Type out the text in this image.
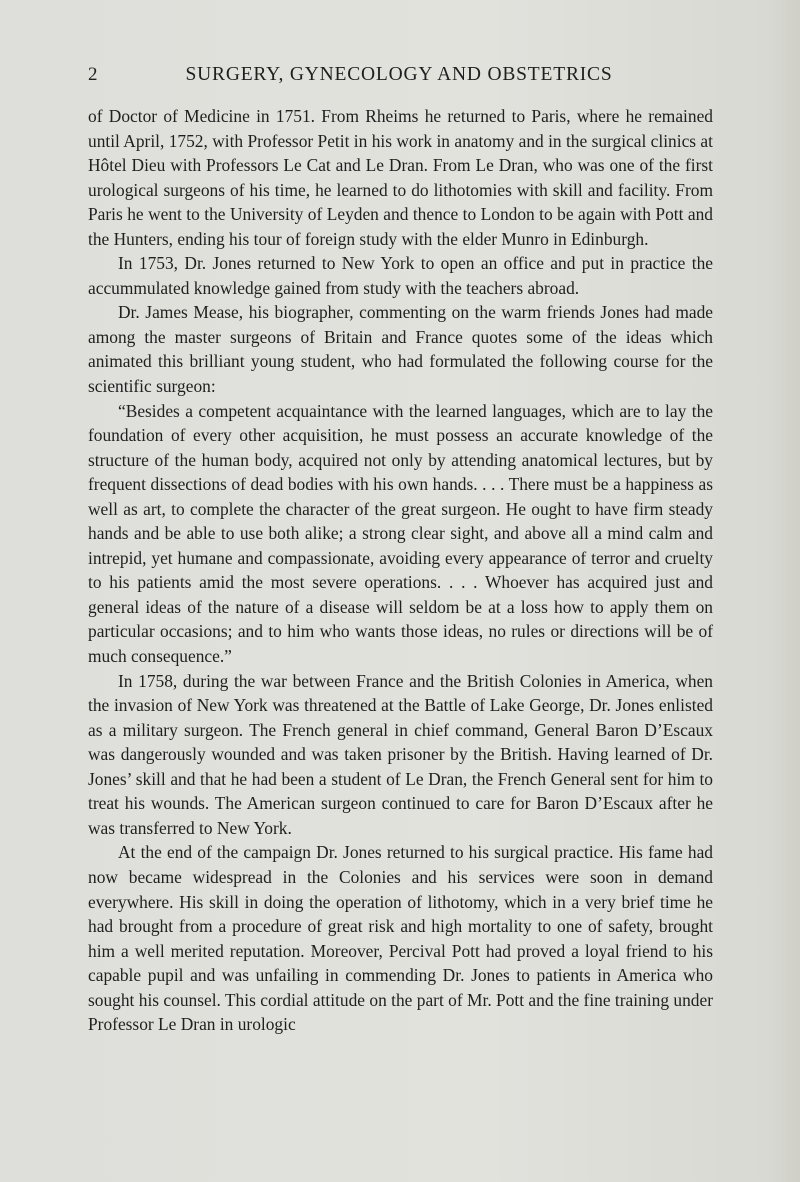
2	SURGERY, GYNECOLOGY AND OBSTETRICS

of Doctor of Medicine in 1751. From Rheims he returned to Paris, where he remained until April, 1752, with Professor Petit in his work in anatomy and in the surgical clinics at Hôtel Dieu with Professors Le Cat and Le Dran. From Le Dran, who was one of the first urological surgeons of his time, he learned to do lithotomies with skill and facility. From Paris he went to the University of Leyden and thence to London to be again with Pott and the Hunters, ending his tour of foreign study with the elder Munro in Edinburgh.

In 1753, Dr. Jones returned to New York to open an office and put in practice the accummulated knowledge gained from study with the teachers abroad.

Dr. James Mease, his biographer, commenting on the warm friends Jones had made among the master surgeons of Britain and France quotes some of the ideas which animated this brilliant young student, who had formulated the following course for the scientific surgeon:

“Besides a competent acquaintance with the learned languages, which are to lay the foundation of every other acquisition, he must possess an accurate knowledge of the structure of the human body, acquired not only by attending anatomical lectures, but by frequent dissections of dead bodies with his own hands. . . . There must be a happiness as well as art, to complete the character of the great surgeon. He ought to have firm steady hands and be able to use both alike; a strong clear sight, and above all a mind calm and intrepid, yet humane and compassionate, avoiding every appearance of terror and cruelty to his patients amid the most severe operations. . . . Whoever has acquired just and general ideas of the nature of a disease will seldom be at a loss how to apply them on particular occasions; and to him who wants those ideas, no rules or directions will be of much consequence.”

In 1758, during the war between France and the British Colonies in America, when the invasion of New York was threatened at the Battle of Lake George, Dr. Jones enlisted as a military surgeon. The French general in chief command, General Baron D’Escaux was dangerously wounded and was taken prisoner by the British. Having learned of Dr. Jones’ skill and that he had been a student of Le Dran, the French General sent for him to treat his wounds. The American surgeon continued to care for Baron D’Escaux after he was transferred to New York.

At the end of the campaign Dr. Jones returned to his surgical practice. His fame had now became widespread in the Colonies and his services were soon in demand everywhere. His skill in doing the operation of lithotomy, which in a very brief time he had brought from a procedure of great risk and high mortality to one of safety, brought him a well merited reputation. Moreover, Percival Pott had proved a loyal friend to his capable pupil and was unfailing in commending Dr. Jones to patients in America who sought his counsel. This cordial attitude on the part of Mr. Pott and the fine training under Professor Le Dran in urologic
